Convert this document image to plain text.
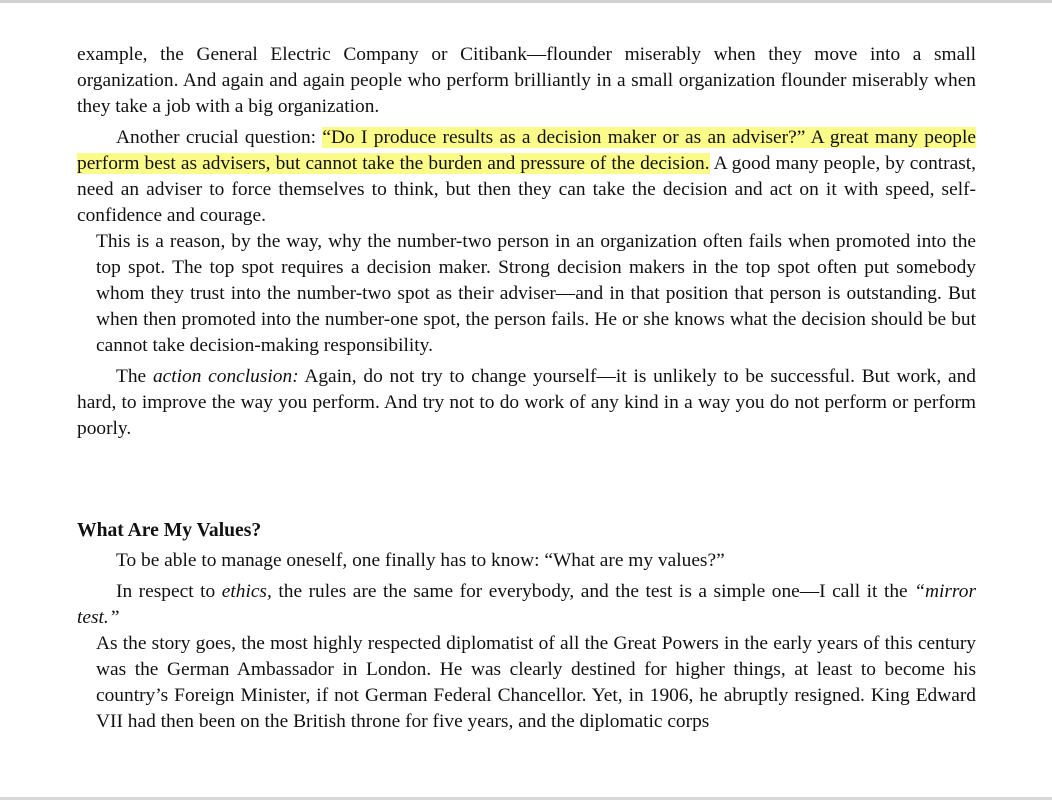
example, the General Electric Company or Citibank—flounder miserably when they move into a small organization. And again and again people who perform brilliantly in a small organization flounder miserably when they take a job with a big organization.

Another crucial question: “Do I produce results as a decision maker or as an adviser?” A great many people perform best as advisers, but cannot take the burden and pressure of the decision. A good many people, by contrast, need an adviser to force themselves to think, but then they can take the decision and act on it with speed, self-confidence and courage.

This is a reason, by the way, why the number-two person in an organization often fails when promoted into the top spot. The top spot requires a decision maker. Strong decision makers in the top spot often put somebody whom they trust into the number-two spot as their adviser—and in that position that person is outstanding. But when then promoted into the number-one spot, the person fails. He or she knows what the decision should be but cannot take decision-making responsibility.

The action conclusion: Again, do not try to change yourself—it is unlikely to be successful. But work, and hard, to improve the way you perform. And try not to do work of any kind in a way you do not perform or perform poorly.

What Are My Values?

To be able to manage oneself, one finally has to know: “What are my values?”

In respect to ethics, the rules are the same for everybody, and the test is a simple one—I call it the “mirror test.”

As the story goes, the most highly respected diplomatist of all the Great Powers in the early years of this century was the German Ambassador in London. He was clearly destined for higher things, at least to become his country’s Foreign Minister, if not German Federal Chancellor. Yet, in 1906, he abruptly resigned. King Edward VII had then been on the British throne for five years, and the diplomatic corps
